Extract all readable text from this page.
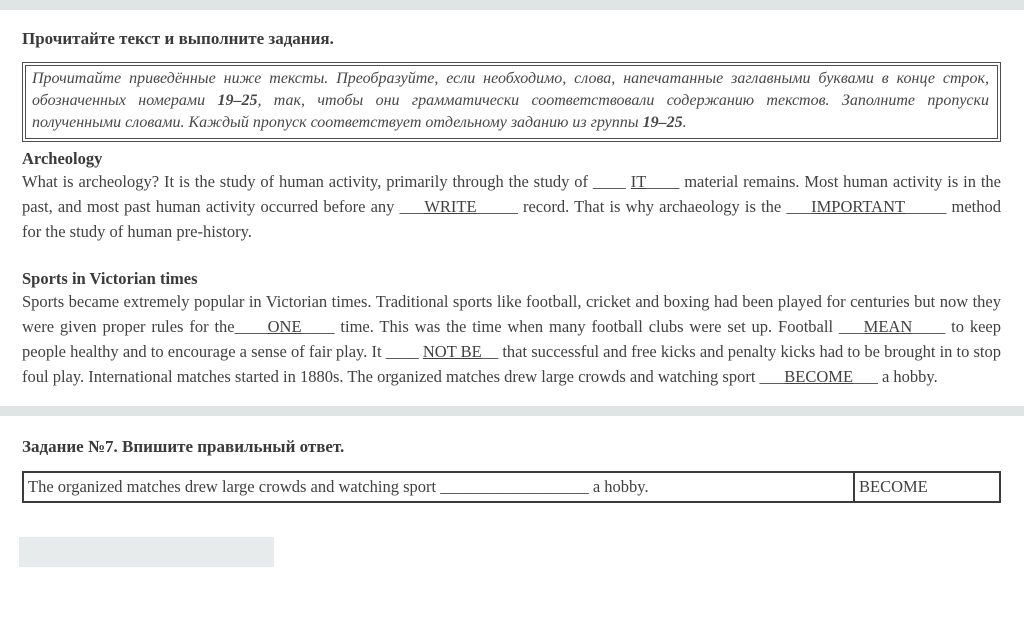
Прочитайте текст и выполните задания.
Прочитайте приведённые ниже тексты. Преобразуйте, если необходимо, слова, напечатанные заглавными буквами в конце строк, обозначенных номерами 19–25, так, чтобы они грамматически соответствовали содержанию текстов. Заполните пропуски полученными словами. Каждый пропуск соответствует отдельному заданию из группы 19–25.
Archeology
What is archeology? It is the study of human activity, primarily through the study of ____ IT____ material remains. Most human activity is in the past, and most past human activity occurred before any ___WRITE_____ record. That is why archaeology is the ___IMPORTANT_____ method for the study of human pre-history.
Sports in Victorian times
Sports became extremely popular in Victorian times. Traditional sports like football, cricket and boxing had been played for centuries but now they were given proper rules for the____ONE____ time. This was the time when many football clubs were set up. Football ___MEAN____ to keep people healthy and to encourage a sense of fair play. It ____ NOT BE__ that successful and free kicks and penalty kicks had to be brought in to stop foul play. International matches started in 1880s. The organized matches drew large crowds and watching sport ___BECOME___ a hobby.
Задание №7. Впишите правильный ответ.
The organized matches drew large crowds and watching sport __________________ a hobby.	BECOME
